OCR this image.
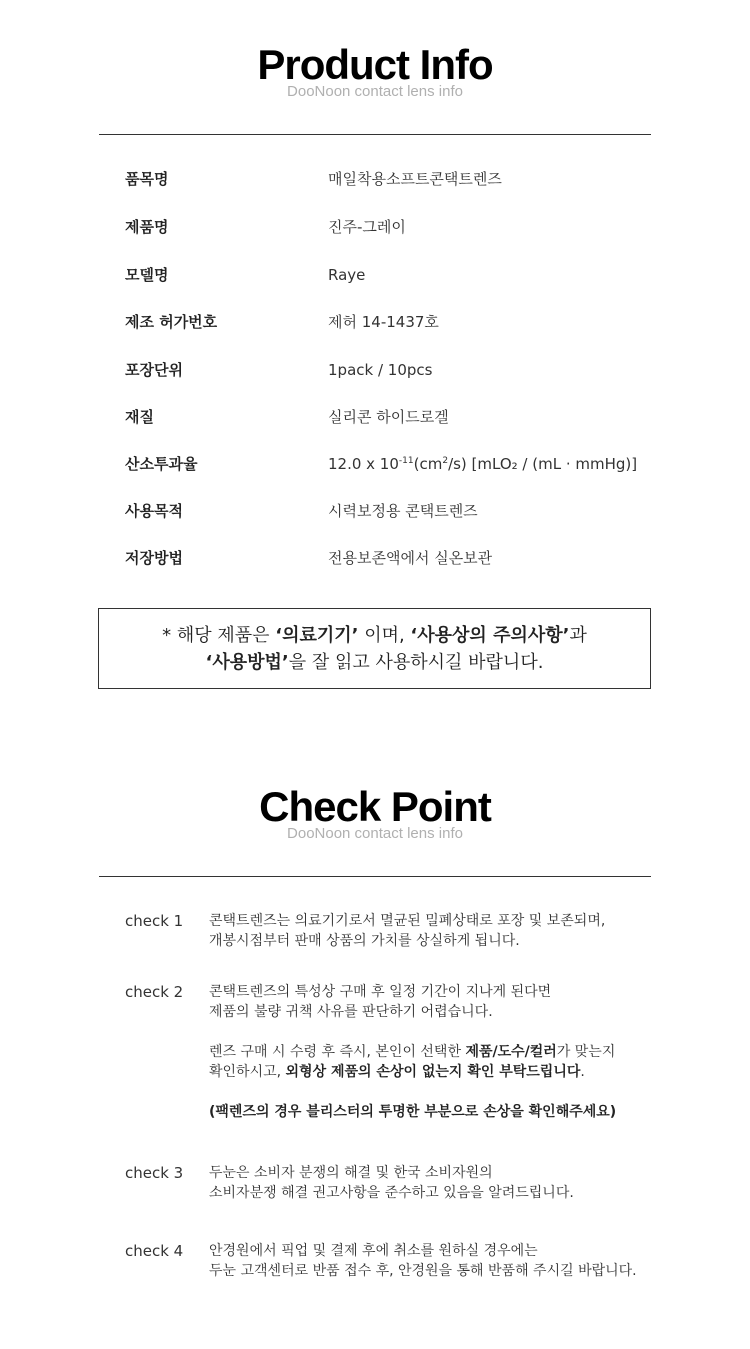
Product Info
DooNoon contact lens info
품목명	매일착용소프트콘택트렌즈
제품명	진주-그레이
모델명	Raye
제조 허가번호	제허 14-1437호
포장단위	1pack / 10pcs
재질	실리콘 하이드로겔
산소투과율	12.0 x $10^{-11}(cm^2/s)$ [mLO₂ / (mL · mmHg)]
사용목적	시력보정용 콘택트렌즈
저장방법	전용보존액에서 실온보관
* 해당 제품은 ‘의료기기’ 이며, ‘사용상의 주의사항’과
‘사용방법’을 잘 읽고 사용하시길 바랍니다.
Check Point
DooNoon contact lens info
check 1 콘택트렌즈는 의료기기로서 멸균된 밀폐상태로 포장 및 보존되며,

개봉시점부터 판매 상품의 가치를 상실하게 됩니다.

check 2 콘택트렌즈의 특성상 구매 후 일정 기간이 지나게 된다면

제품의 불량 귀책 사유를 판단하기 어렵습니다.

렌즈 구매 시 수령 후 즉시, 본인이 선택한 제품/도수/컬러가 맞는지

확인하시고, 외형상 제품의 손상이 없는지 확인 부탁드립니다.

(팩렌즈의 경우 블리스터의 투명한 부분으로 손상을 확인해주세요)

check 3 두눈은 소비자 분쟁의 해결 및 한국 소비자원의

소비자분쟁 해결 권고사항을 준수하고 있음을 알려드립니다.

check 4 안경원에서 픽업 및 결제 후에 취소를 원하실 경우에는

두눈 고객센터로 반품 접수 후, 안경원을 통해 반품해 주시길 바랍니다.
